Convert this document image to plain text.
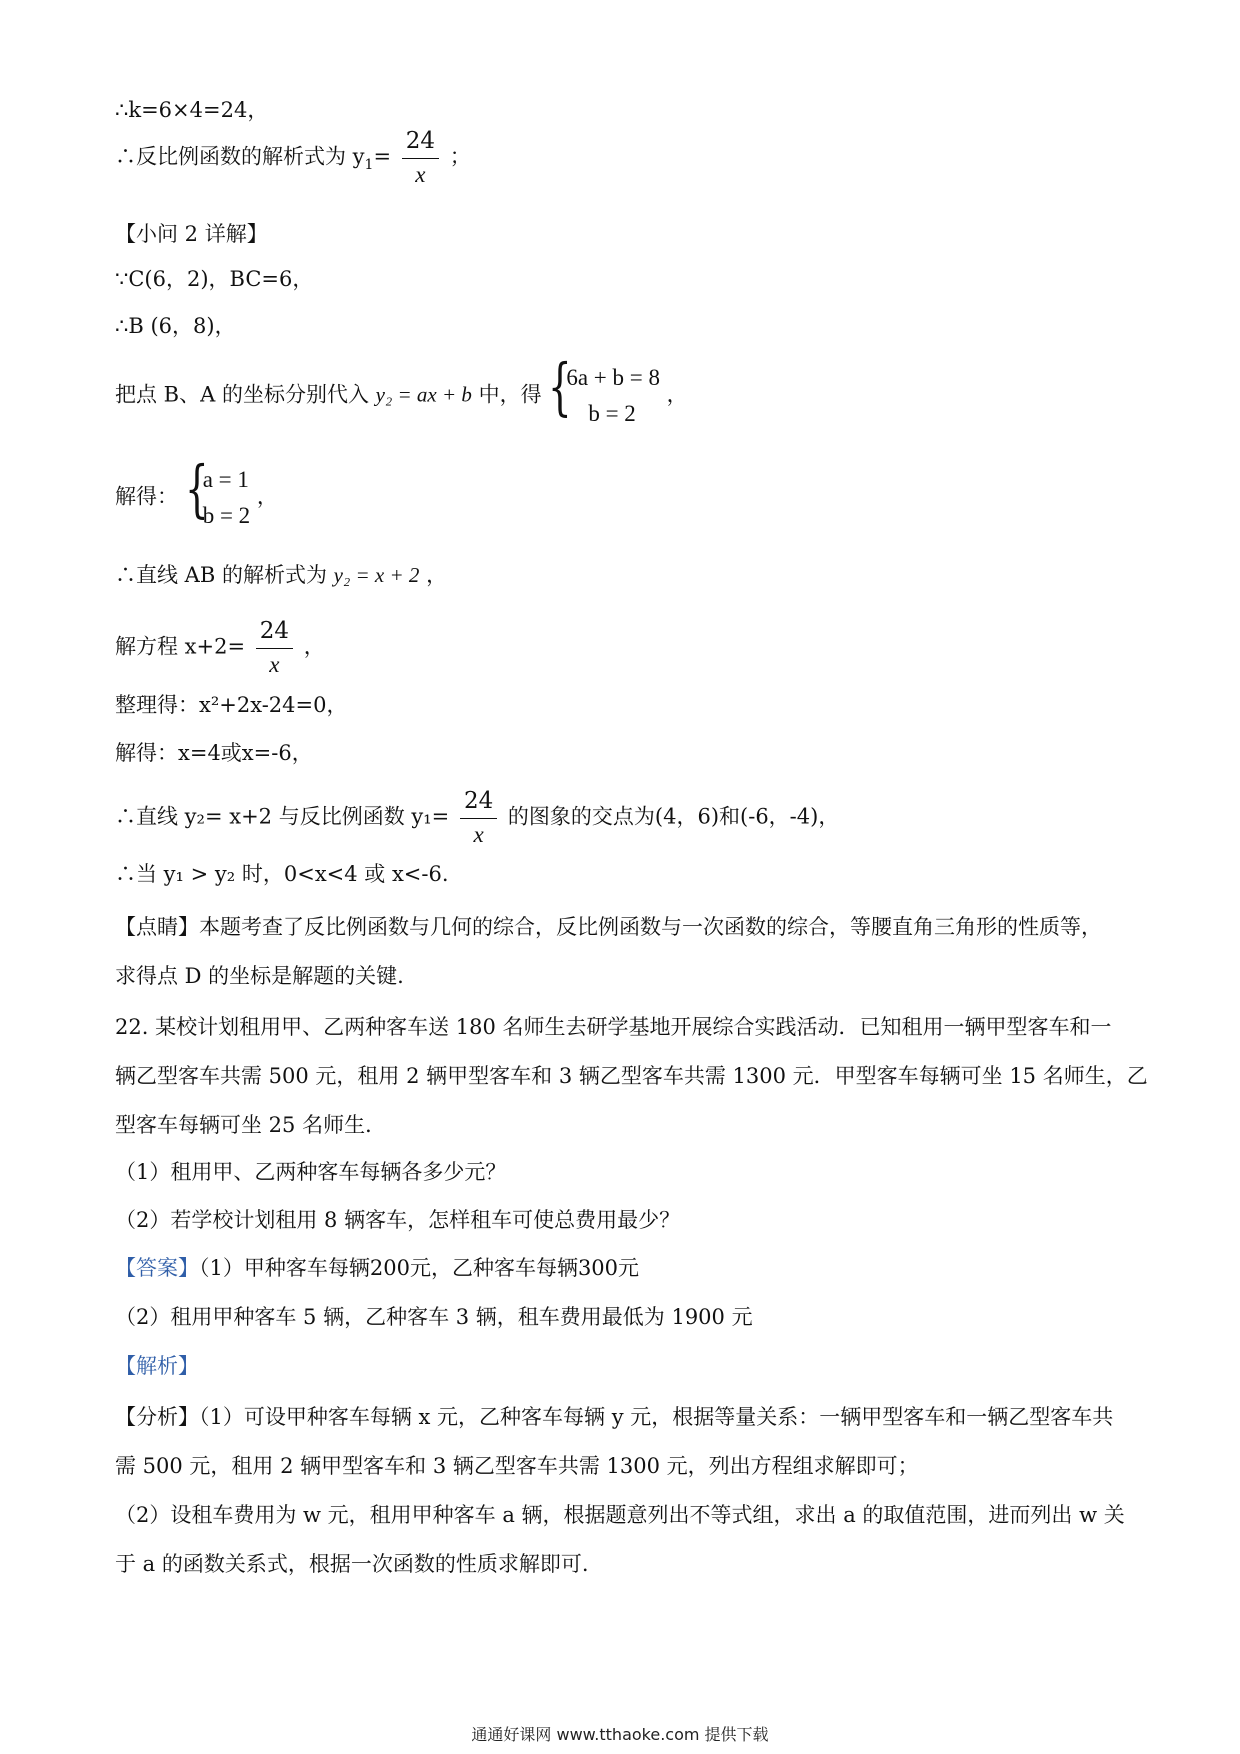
∴k=6×4=24，
∴反比例函数的解析式为 $y_1= \frac{24}{x}$ ；
【小问 2 详解】
∵C(6，2)，BC=6，
∴B (6，8)，
把点 B、A 的坐标分别代入 y₂ = ax + b 中，得 {
6a + b = 8
b = 2
，
解得： {
a = 1
b = 2
，
∴直线 AB 的解析式为 y₂ = x + 2 ，
解方程 $x+2= \frac{24}{x}$ ，
整理得：x²+2x-24=0，
解得：x=4或x=-6，
∴直线 y₂= x+2 与反比例函数 $y_1= \frac{24}{x}$ 的图象的交点为(4，6)和(-6，-4)，
∴当 y₁ > y₂ 时，0<x<4 或 x<-6.
【点睛】本题考查了反比例函数与几何的综合，反比例函数与一次函数的综合，等腰直角三角形的性质等，
求得点 D 的坐标是解题的关键.
22. 某校计划租用甲、乙两种客车送 180 名师生去研学基地开展综合实践活动．已知租用一辆甲型客车和一
辆乙型客车共需 500 元，租用 2 辆甲型客车和 3 辆乙型客车共需 1300 元．甲型客车每辆可坐 15 名师生，乙
型客车每辆可坐 25 名师生．
（1）租用甲、乙两种客车每辆各多少元？
（2）若学校计划租用 8 辆客车，怎样租车可使总费用最少？
【答案】（1）甲种客车每辆200元，乙种客车每辆300元
（2）租用甲种客车 5 辆，乙种客车 3 辆，租车费用最低为 1900 元
【解析】
【分析】（1）可设甲种客车每辆 x 元，乙种客车每辆 y 元，根据等量关系：一辆甲型客车和一辆乙型客车共
需 500 元，租用 2 辆甲型客车和 3 辆乙型客车共需 1300 元，列出方程组求解即可；
（2）设租车费用为 w 元，租用甲种客车 a 辆，根据题意列出不等式组，求出 a 的取值范围，进而列出 w 关
于 a 的函数关系式，根据一次函数的性质求解即可.
通通好课网 www.tthaoke.com 提供下载
